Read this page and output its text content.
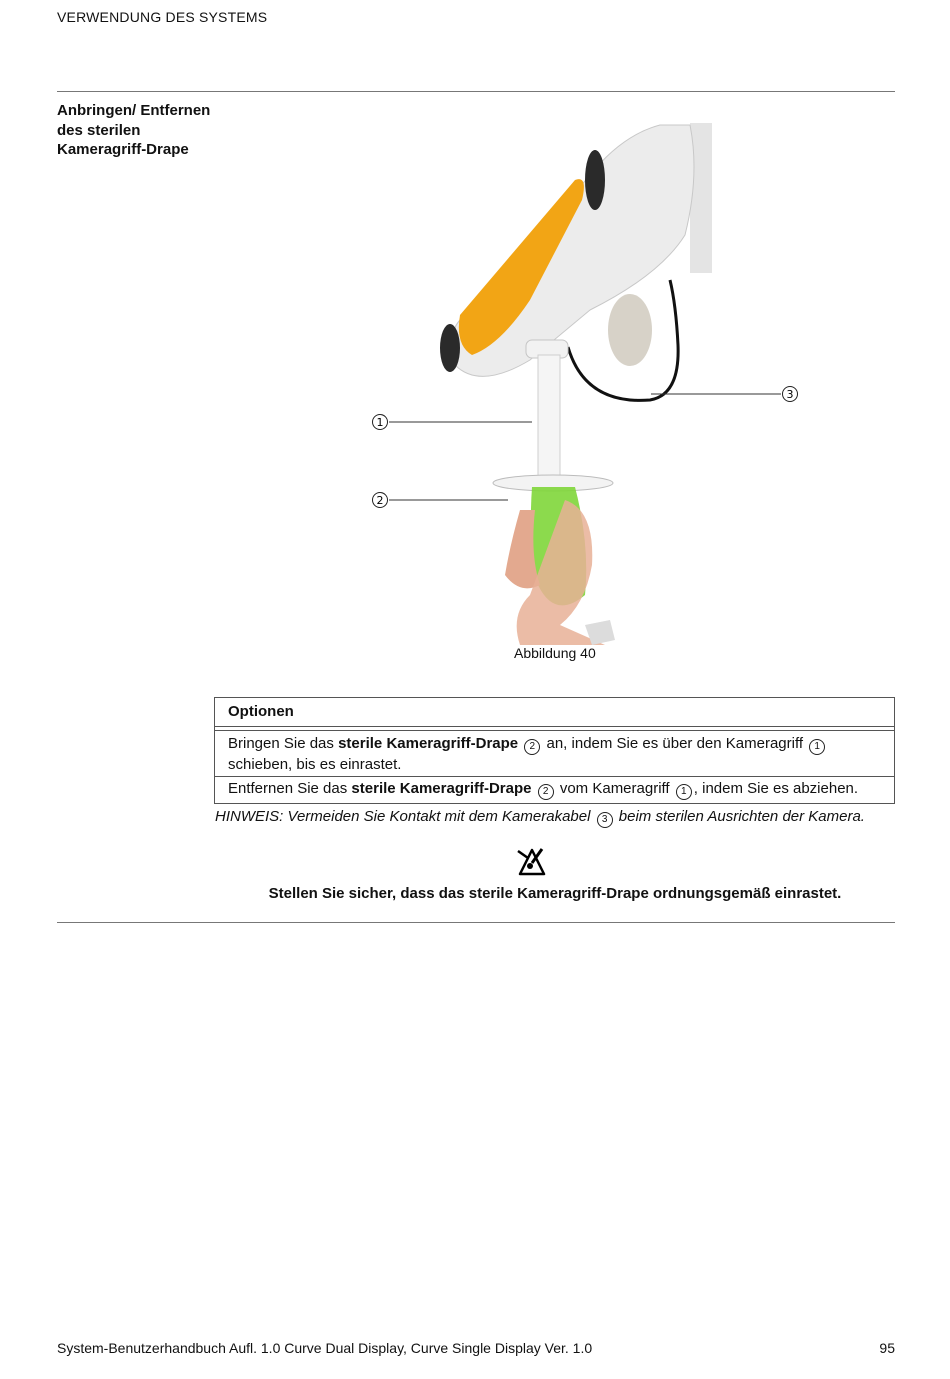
VERWENDUNG DES SYSTEMS
Anbringen/ Entfernen des sterilen Kameragriff-Drape
1
2
3
Abbildung 40
Optionen
Bringen Sie das sterile Kameragriff-Drape 2 an, indem Sie es über den Kameragriff 1 schieben, bis es einrastet.
Entfernen Sie das sterile Kameragriff-Drape 2 vom Kameragriff 1 , indem Sie es abziehen.
HINWEIS: Vermeiden Sie Kontakt mit dem Kamerakabel 3 beim sterilen Ausrichten der Kamera.
Stellen Sie sicher, dass das sterile Kameragriff-Drape ordnungsgemäß einrastet.
System-Benutzerhandbuch Aufl. 1.0 Curve Dual Display, Curve Single Display Ver. 1.0	95
